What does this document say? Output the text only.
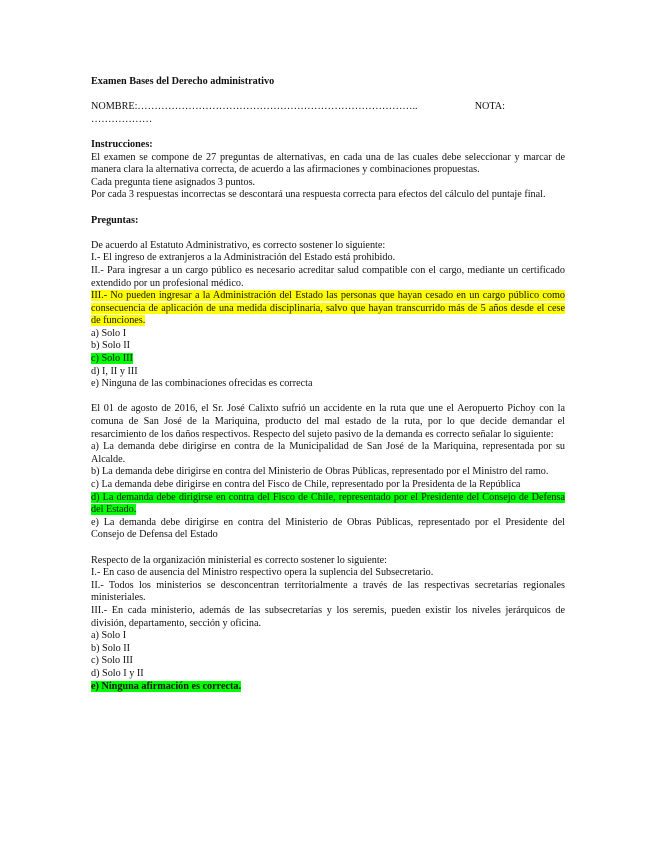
Examen Bases del Derecho administrativo

NOMBRE:………………………………………………………………………..	NOTA:

………………

Instrucciones:

El examen se compone de 27 preguntas de alternativas, en cada una de las cuales debe seleccionar y marcar de manera clara la alternativa correcta, de acuerdo a las afirmaciones y combinaciones propuestas.

Cada pregunta tiene asignados 3 puntos.

Por cada 3 respuestas incorrectas se descontará una respuesta correcta para efectos del cálculo del puntaje final.

Preguntas:

De acuerdo al Estatuto Administrativo, es correcto sostener lo siguiente:

I.- El ingreso de extranjeros a la Administración del Estado está prohibido.

II.- Para ingresar a un cargo público es necesario acreditar salud compatible con el cargo, mediante un certificado extendido por un profesional médico.

III.- No pueden ingresar a la Administración del Estado las personas que hayan cesado en un cargo público como consecuencia de aplicación de una medida disciplinaria, salvo que hayan transcurrido más de 5 años desde el cese de funciones.

a) Solo I

b) Solo II

c) Solo III

d) I, II y III

e) Ninguna de las combinaciones ofrecidas es correcta

El 01 de agosto de 2016, el Sr. José Calixto sufrió un accidente en la ruta que une el Aeropuerto Pichoy con la comuna de San José de la Mariquina, producto del mal estado de la ruta, por lo que decide demandar el resarcimiento de los daños respectivos. Respecto del sujeto pasivo de la demanda es correcto señalar lo siguiente:

a) La demanda debe dirigirse en contra de la Municipalidad de San José de la Mariquina, representada por su Alcalde.

b) La demanda debe dirigirse en contra del Ministerio de Obras Públicas, representado por el Ministro del ramo.

c) La demanda debe dirigirse en contra del Fisco de Chile, representado por la Presidenta de la República

d) La demanda debe dirigirse en contra del Fisco de Chile, representado por el Presidente del Consejo de Defensa del Estado.

e) La demanda debe dirigirse en contra del Ministerio de Obras Públicas, representado por el Presidente del Consejo de Defensa del Estado

Respecto de la organización ministerial es correcto sostener lo siguiente:

I.- En caso de ausencia del Ministro respectivo opera la suplencia del Subsecretario.

II.- Todos los ministerios se desconcentran territorialmente a través de las respectivas secretarías regionales ministeriales.

III.- En cada ministerio, además de las subsecretarías y los seremis, pueden existir los niveles jerárquicos de división, departamento, sección y oficina.

a) Solo I

b) Solo II

c) Solo III

d) Solo I y II

e) Ninguna afirmación es correcta.
